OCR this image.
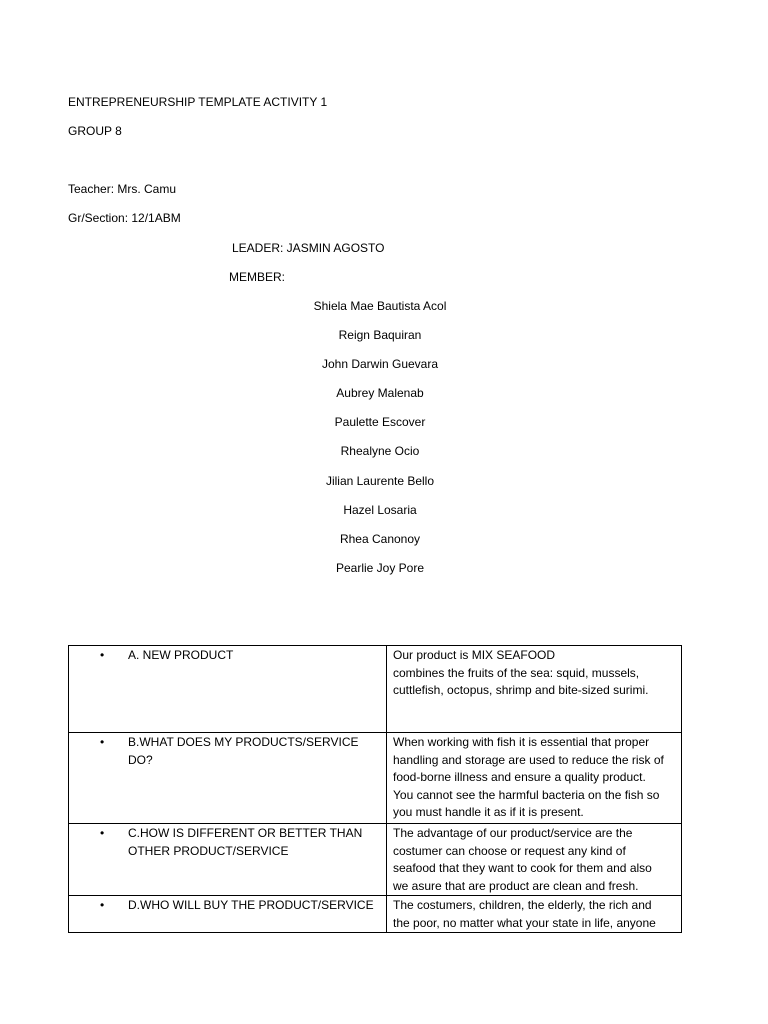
ENTREPRENEURSHIP TEMPLATE ACTIVITY 1
GROUP 8
Teacher: Mrs. Camu
Gr/Section: 12/1ABM
LEADER: JASMIN AGOSTO
MEMBER:
Shiela Mae Bautista Acol
Reign Baquiran
John Darwin Guevara
Aubrey Malenab
Paulette Escover
Rhealyne Ocio
Jilian Laurente Bello
Hazel Losaria
Rhea Canonoy
Pearlie Joy Pore
• A. NEW PRODUCT	Our product is MIX SEAFOOD
combines the fruits of the sea: squid, mussels,
cuttlefish, octopus, shrimp and bite-sized surimi.

• B.WHAT DOES MY PRODUCTS/SERVICE DO?	When working with fish it is essential that proper
handling and storage are used to reduce the risk of
food-borne illness and ensure a quality product.
You cannot see the harmful bacteria on the fish so
you must handle it as if it is present.

• C.HOW IS DIFFERENT OR BETTER THAN OTHER PRODUCT/SERVICE	The advantage of our product/service are the
costumer can choose or request any kind of
seafood that they want to cook for them and also
we asure that are product are clean and fresh.

• D.WHO WILL BUY THE PRODUCT/SERVICE	The costumers, children, the elderly, the rich and
the poor, no matter what your state in life, anyone
